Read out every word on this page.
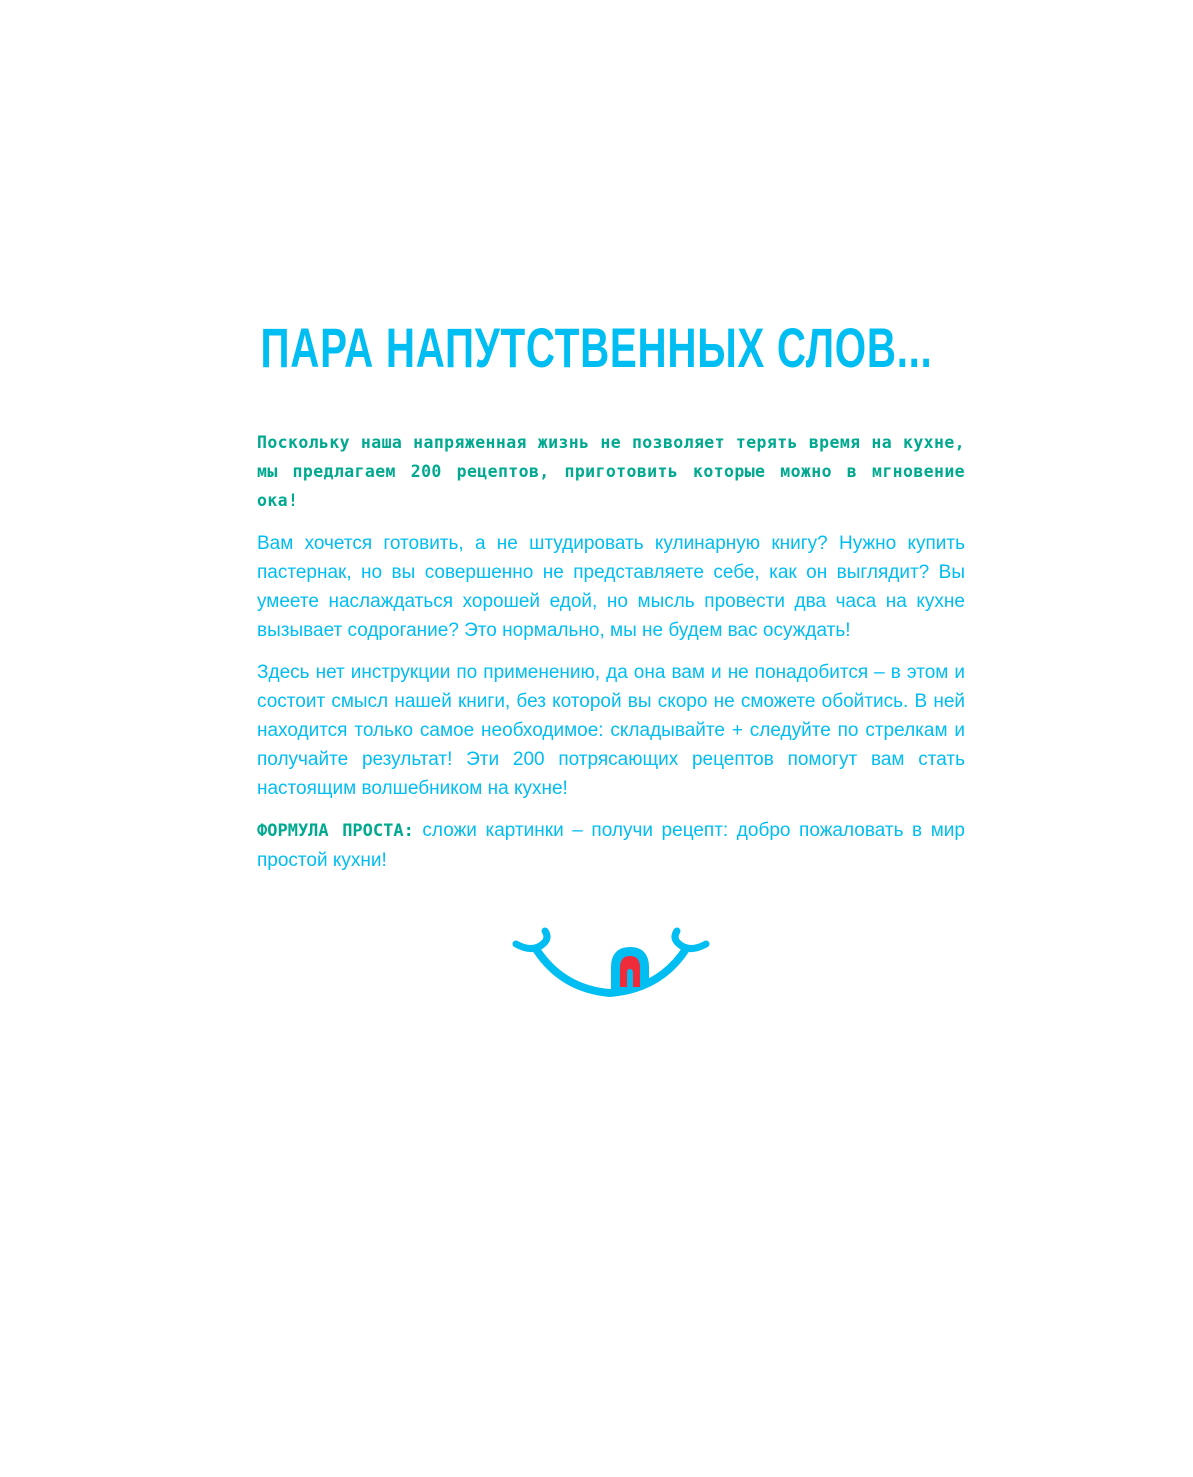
ПАРА НАПУТСТВЕННЫХ СЛОВ...

Поскольку наша напряженная жизнь не позволяет терять время на кухне, мы предлагаем 200 рецептов, приготовить которые можно в мгновение ока!

Вам хочется готовить, а не штудировать кулинарную книгу? Нужно купить пастернак, но вы совершенно не представляете себе, как он выглядит? Вы умеете наслаждаться хорошей едой, но мысль провести два часа на кухне вызывает содрогание? Это нормально, мы не будем вас осуждать!

Здесь нет инструкции по применению, да она вам и не понадобится – в этом и состоит смысл нашей книги, без которой вы скоро не сможете обойтись. В ней находится только самое необходимое: складывайте + следуйте по стрелкам и получайте результат! Эти 200 потрясающих рецептов помогут вам стать настоящим волшебником на кухне!

ФОРМУЛА ПРОСТА: сложи картинки – получи рецепт: добро пожаловать в мир простой кухни!
